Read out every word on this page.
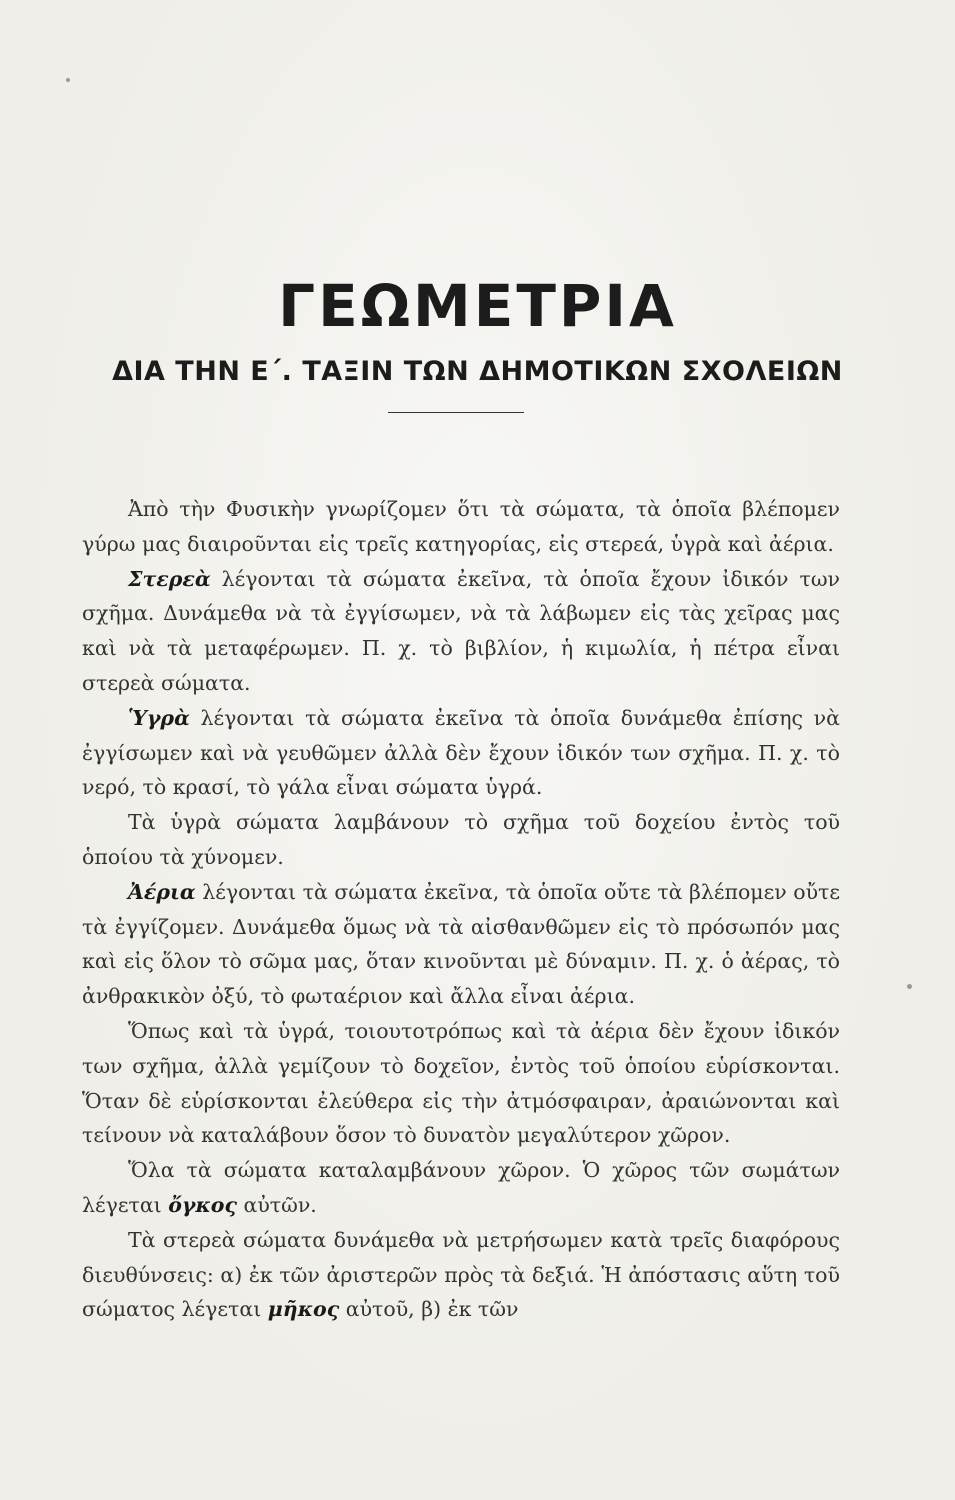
ΓΕΩΜΕΤΡΙΑ
ΔΙΑ ΤΗΝ Ε΄. ΤΑΞΙΝ ΤΩΝ ΔΗΜΟΤΙΚΩΝ ΣΧΟΛΕΙΩΝ

Ἀπὸ τὴν Φυσικὴν γνωρίζομεν ὅτι τὰ σώματα, τὰ ὁποῖα βλέπομεν γύρω μας διαιροῦνται εἰς τρεῖς κατηγορίας, εἰς στερεά, ὑγρὰ καὶ ἀέρια.

Στερεὰ λέγονται τὰ σώματα ἐκεῖνα, τὰ ὁποῖα ἔχουν ἰδικόν των σχῆμα. Δυνάμεθα νὰ τὰ ἐγγίσωμεν, νὰ τὰ λάβωμεν εἰς τὰς χεῖρας μας καὶ νὰ τὰ μεταφέρωμεν. Π. χ. τὸ βιβλίον, ἡ κιμωλία, ἡ πέτρα εἶναι στερεὰ σώματα.

Ὑγρὰ λέγονται τὰ σώματα ἐκεῖνα τὰ ὁποῖα δυνάμεθα ἐπίσης νὰ ἐγγίσωμεν καὶ νὰ γευθῶμεν ἀλλὰ δὲν ἔχουν ἰδικόν των σχῆμα. Π. χ. τὸ νερό, τὸ κρασί, τὸ γάλα εἶναι σώματα ὑγρά.

Τὰ ὑγρὰ σώματα λαμβάνουν τὸ σχῆμα τοῦ δοχείου ἐντὸς τοῦ ὁποίου τὰ χύνομεν.

Ἀέρια λέγονται τὰ σώματα ἐκεῖνα, τὰ ὁποῖα οὔτε τὰ βλέπομεν οὔτε τὰ ἐγγίζομεν. Δυνάμεθα ὅμως νὰ τὰ αἰσθανθῶμεν εἰς τὸ πρόσωπόν μας καὶ εἰς ὅλον τὸ σῶμα μας, ὅταν κινοῦνται μὲ δύναμιν. Π. χ. ὁ ἀέρας, τὸ ἀνθρακικὸν ὀξύ, τὸ φωταέριον καὶ ἄλλα εἶναι ἀέρια.

Ὅπως καὶ τὰ ὑγρά, τοιουτοτρόπως καὶ τὰ ἀέρια δὲν ἔχουν ἰδικόν των σχῆμα, ἀλλὰ γεμίζουν τὸ δοχεῖον, ἐντὸς τοῦ ὁποίου εὑρίσκονται. Ὅταν δὲ εὑρίσκονται ἐλεύθερα εἰς τὴν ἀτμόσφαιραν, ἀραιώνονται καὶ τείνουν νὰ καταλάβουν ὅσον τὸ δυνατὸν μεγαλύτερον χῶρον.

Ὅλα τὰ σώματα καταλαμβάνουν χῶρον. Ὁ χῶρος τῶν σωμάτων λέγεται ὄγκος αὐτῶν.

Τὰ στερεὰ σώματα δυνάμεθα νὰ μετρήσωμεν κατὰ τρεῖς διαφόρους διευθύνσεις: α) ἐκ τῶν ἀριστερῶν πρὸς τὰ δεξιά. Ἡ ἀπόστασις αὕτη τοῦ σώματος λέγεται μῆκος αὐτοῦ, β) ἐκ τῶν
